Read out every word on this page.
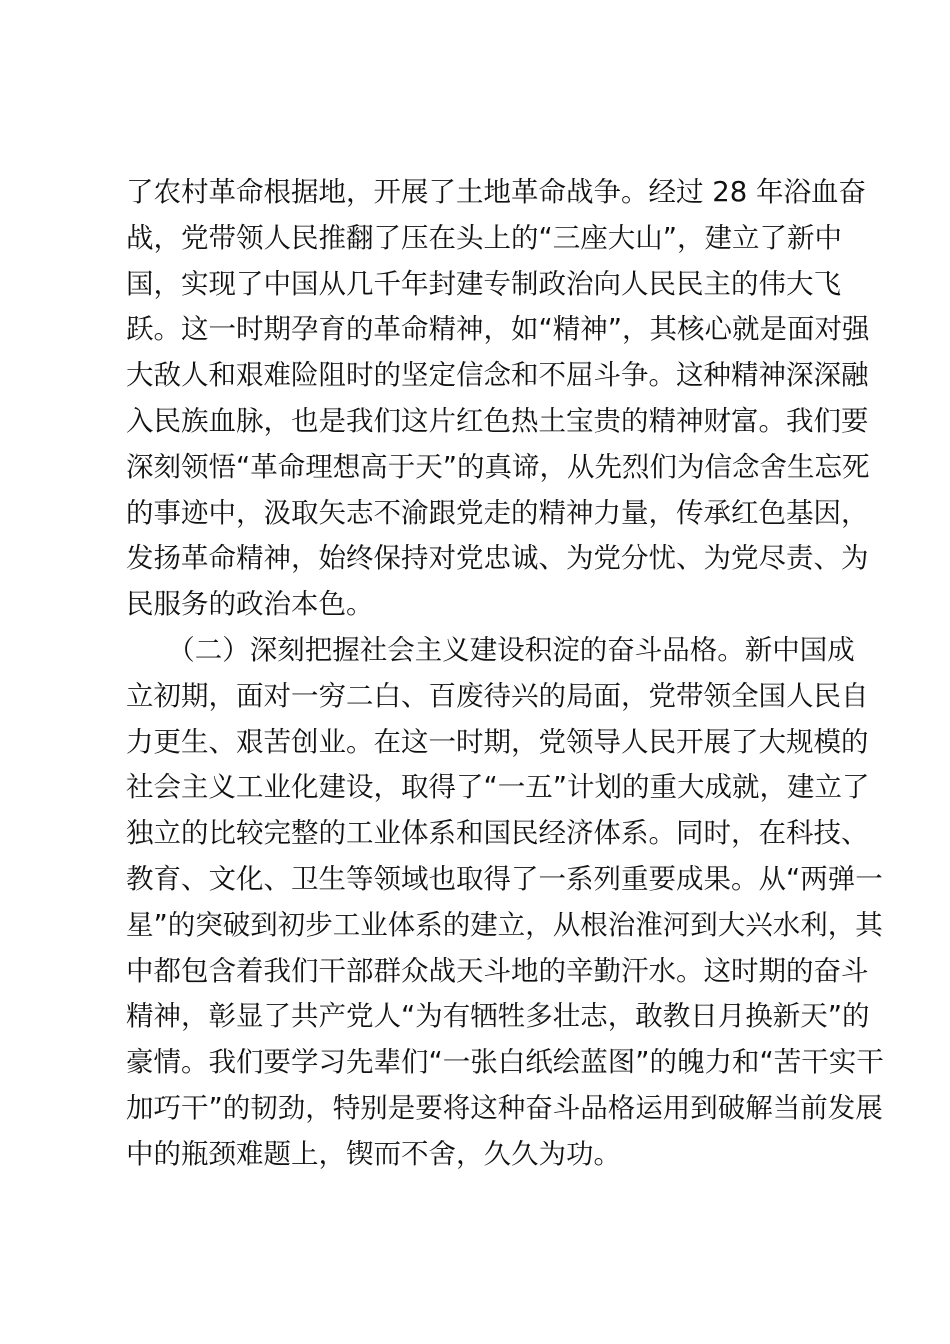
了农村革命根据地，开展了土地革命战争。经过 28 年浴血奋
战，党带领人民推翻了压在头上的“三座大山”，建立了新中
国，实现了中国从几千年封建专制政治向人民民主的伟大飞
跃。这一时期孕育的革命精神，如“精神”，其核心就是面对强
大敌人和艰难险阻时的坚定信念和不屈斗争。这种精神深深融
入民族血脉，也是我们这片红色热土宝贵的精神财富。我们要
深刻领悟“革命理想高于天”的真谛，从先烈们为信念舍生忘死
的事迹中，汲取矢志不渝跟党走的精神力量，传承红色基因，
发扬革命精神，始终保持对党忠诚、为党分忧、为党尽责、为
民服务的政治本色。
　　（二）深刻把握社会主义建设积淀的奋斗品格。新中国成
立初期，面对一穷二白、百废待兴的局面，党带领全国人民自
力更生、艰苦创业。在这一时期，党领导人民开展了大规模的
社会主义工业化建设，取得了“一五”计划的重大成就，建立了
独立的比较完整的工业体系和国民经济体系。同时，在科技、
教育、文化、卫生等领域也取得了一系列重要成果。从“两弹一
星”的突破到初步工业体系的建立，从根治淮河到大兴水利，其
中都包含着我们干部群众战天斗地的辛勤汗水。这时期的奋斗
精神，彰显了共产党人“为有牺牲多壮志，敢教日月换新天”的
豪情。我们要学习先辈们“一张白纸绘蓝图”的魄力和“苦干实干
加巧干”的韧劲，特别是要将这种奋斗品格运用到破解当前发展
中的瓶颈难题上，锲而不舍，久久为功。
